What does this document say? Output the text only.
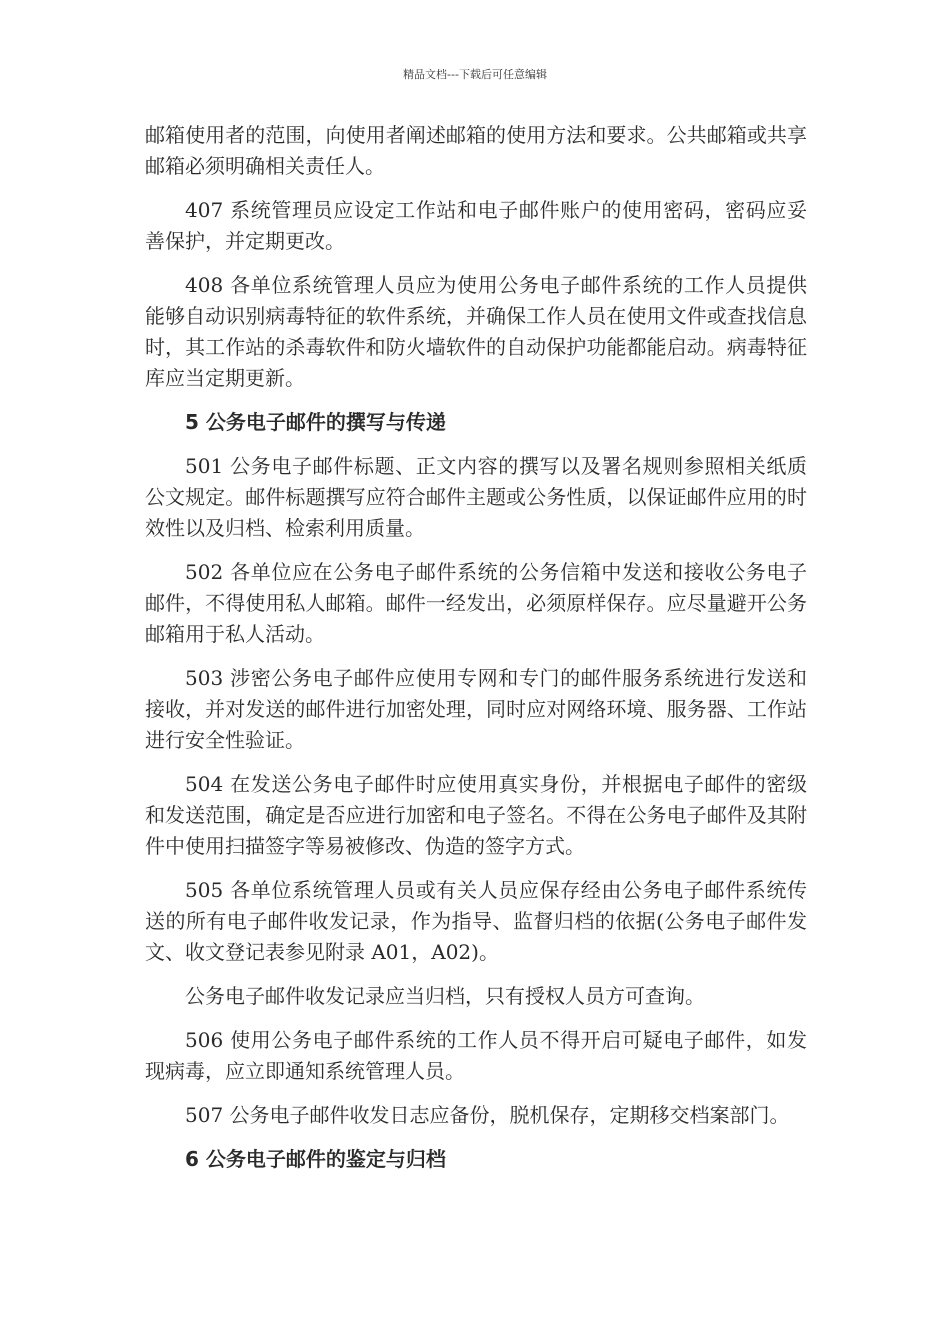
精品文档---下载后可任意编辑

邮箱使用者的范围，向使用者阐述邮箱的使用方法和要求。公共邮箱或共享邮箱必须明确相关责任人。

407 系统管理员应设定工作站和电子邮件账户的使用密码，密码应妥善保护，并定期更改。

408 各单位系统管理人员应为使用公务电子邮件系统的工作人员提供能够自动识别病毒特征的软件系统，并确保工作人员在使用文件或查找信息时，其工作站的杀毒软件和防火墙软件的自动保护功能都能启动。病毒特征库应当定期更新。

5 公务电子邮件的撰写与传递

501 公务电子邮件标题、正文内容的撰写以及署名规则参照相关纸质公文规定。邮件标题撰写应符合邮件主题或公务性质，以保证邮件应用的时效性以及归档、检索利用质量。

502 各单位应在公务电子邮件系统的公务信箱中发送和接收公务电子邮件，不得使用私人邮箱。邮件一经发出，必须原样保存。应尽量避开公务邮箱用于私人活动。

503 涉密公务电子邮件应使用专网和专门的邮件服务系统进行发送和接收，并对发送的邮件进行加密处理，同时应对网络环境、服务器、工作站进行安全性验证。

504 在发送公务电子邮件时应使用真实身份，并根据电子邮件的密级和发送范围，确定是否应进行加密和电子签名。不得在公务电子邮件及其附件中使用扫描签字等易被修改、伪造的签字方式。

505 各单位系统管理人员或有关人员应保存经由公务电子邮件系统传送的所有电子邮件收发记录，作为指导、监督归档的依据(公务电子邮件发文、收文登记表参见附录 A01，A02)。

公务电子邮件收发记录应当归档，只有授权人员方可查询。

506 使用公务电子邮件系统的工作人员不得开启可疑电子邮件，如发现病毒，应立即通知系统管理人员。

507 公务电子邮件收发日志应备份，脱机保存，定期移交档案部门。

6 公务电子邮件的鉴定与归档
